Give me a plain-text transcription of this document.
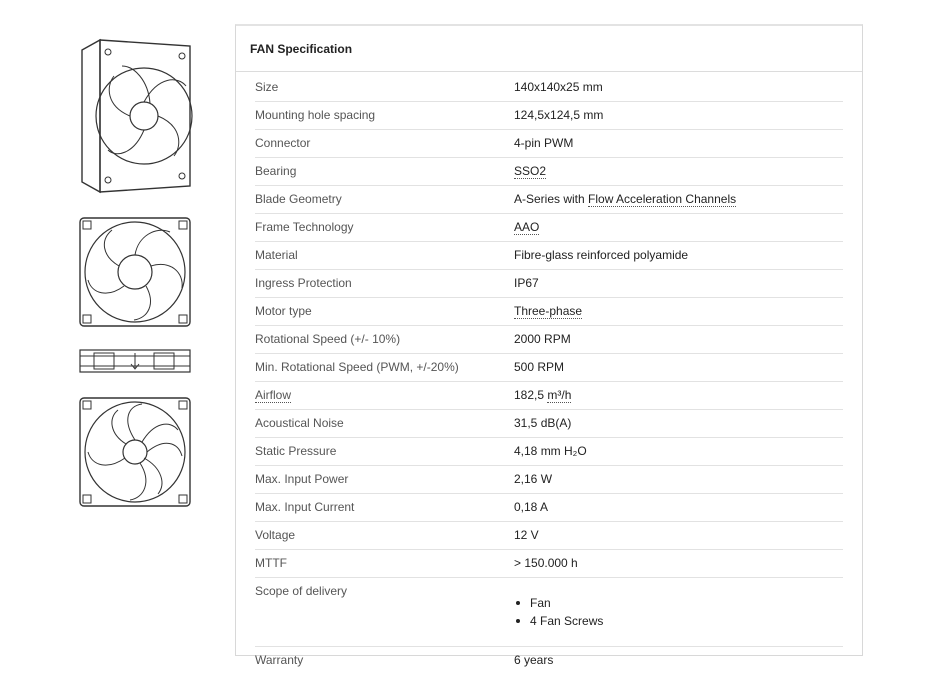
FAN Specification
Size	140x140x25 mm
Mounting hole spacing	124,5x124,5 mm
Connector	4-pin PWM
Bearing	SSO2
Blade Geometry	A-Series with Flow Acceleration Channels
Frame Technology	AAO
Material	Fibre-glass reinforced polyamide
Ingress Protection	IP67
Motor type	Three-phase
Rotational Speed (+/- 10%)	2000 RPM
Min. Rotational Speed (PWM, +/-20%)	500 RPM
Airflow	182,5 m³/h
Acoustical Noise	31,5 dB(A)
Static Pressure	4,18 mm H₂O
Max. Input Power	2,16 W
Max. Input Current	0,18 A
Voltage	12 V
MTTF	> 150.000 h
Scope of delivery
Fan
4 Fan Screws
Warranty	6 years
